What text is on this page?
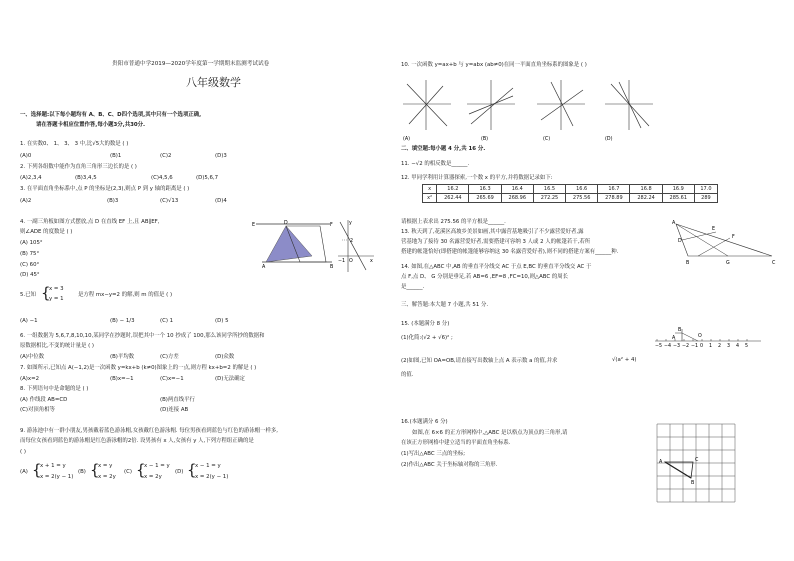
贵阳市普通中学2019—2020学年度第一学期期末监测考试试卷
八年级数学
一、选择题:以下每小题均有 A、B、C、D四个选项,其中只有一个选项正确,
请在答题卡相应位置作答,每小题3分,共30分.
1. 在实数0、 1、 3、 3 中,比√5大的数是 ( )
(A)0	(B)1	(C)2	(D)3
2. 下列各组数中能作为直角三角形三边长的是 ( )
(A)2,3,4	(B)3,4,5	(C)4,5,6	(D)5,6,7
3. 在平面直角坐标系中,点 P 的坐标是(2,3),则点 P 到 y 轴的距离是 ( )
(A)2	(B)3	(C)√13	(D)4
4. 一副三角板如图方式摆放,点 D 在直线 EF 上,且 AB∥EF,
则∠ADE 的度数是 ( )
(A) 105°
(B) 75°
(C) 60°
(D) 45°
E	F
A	B
D	y
x
2
−1 O
5.已知 {
x = 3
y = 1
是方程 mx−y=2 的解,则 m 的值是 ( )
(A) −1	(B) − 1/3	(C) 1	(D) 5
6. 一组数据为 5,6,7,8,10,10,某同学在抄题时,误把其中一个 10 抄成了 100,那么该同学所抄的数据和
原数据相比,不变的统计量是 ( )
(A)中位数	(B)平均数	(C)方差	(D)众数
7. 如图所示,已知点 A(−1,2)是一次函数 y=kx+b (k≠0)图象上的一点,则方程 kx+b=2 的解是 ( )
(A)x=2	(B)x=−1	(C)x=−1	(D)无法确定
8. 下列语句中是命题的是 ( )
(A) 作线段 AB=CD	(B)两直线平行
(C)对顶角相等	(D)连接 AB
9. 游泳池中有一群小朋友,男孩戴着蓝色游泳帽,女孩戴红色游泳帽. 每位男孩看到蓝色与红色的游泳帽一样多,
而每位女孩看到蓝色的游泳帽是红色游泳帽的2倍. 设男孩有 x 人,女孩有 y 人,下列方程组正确的是
( )
(A) {
x + 1 = y
x = 2(y − 1)
(B) {
x = y
x = 2y
(C) {
x − 1 = y
x = 2y
(D) {
x − 1 = y
x = 2(y − 1)
10. 一次函数 y=ax+b 与 y=abx (ab≠0)在同一平面直角坐标系的图象是 ( )
(A)	(B)	(C)	(D)
二、填空题:每小题 4 分,共 16 分.
11. −√2 的相反数是______.
12. 甲同学利用计算器探索,一个数 x 的平方,并将数据记录如下:
x	16.2	16.3	16.4	16.5	16.6	16.7	16.8	16.9	17.0
x²	262.44	265.69	268.96	272.25	275.56	278.89	282.24	285.61	289
请根据上表求出 275.56 的平方根是______.
13. 秋天到了,花溪区高坡乡美景如画,其中露营基地吸引了不少露营爱好者,露
营基地为了接待 30 名露营爱好者,需要搭建可容纳 3 人或 2 人的帐篷若干,若所
搭建的帐篷恰好(即搭建的帐篷能够容纳这 30 名露营爱好者),则不同的搭建方案有______种.
A
E
F
B
D
G	C
14. 如图,在△ABC 中,AB 的垂直平分线交 AC 于点 E,BC 的垂直平分线交 AC 于
点 F,点 D、 G 分别是垂足,若 AB=6 ,EF=8 ,FC=10,则△ABC 的周长
是______.
三、解答题:本大题 7 小题,共 51 分.
15. (本题满分 8 分)
(1)化简:(√2 + √6)² ;
(2)如图,已知 OA=OB,请直接写出数轴上点 A 表示数 a 的值,并求	√(a² + 4)
的值.
B
A	O
−5 −4 −3 −2 −1 0 1 2 3 4 5
16.(本题满分 6 分)
如图,在 6×6 的正方形网格中,△ABC 是以格点为顶点的三角形,请
在该正方形网格中建立适当的平面直角坐标系.
(1)写出△ABC 三点的坐标;
(2)作出△ABC 关于坐标轴对称的三角形.	A	C
B
